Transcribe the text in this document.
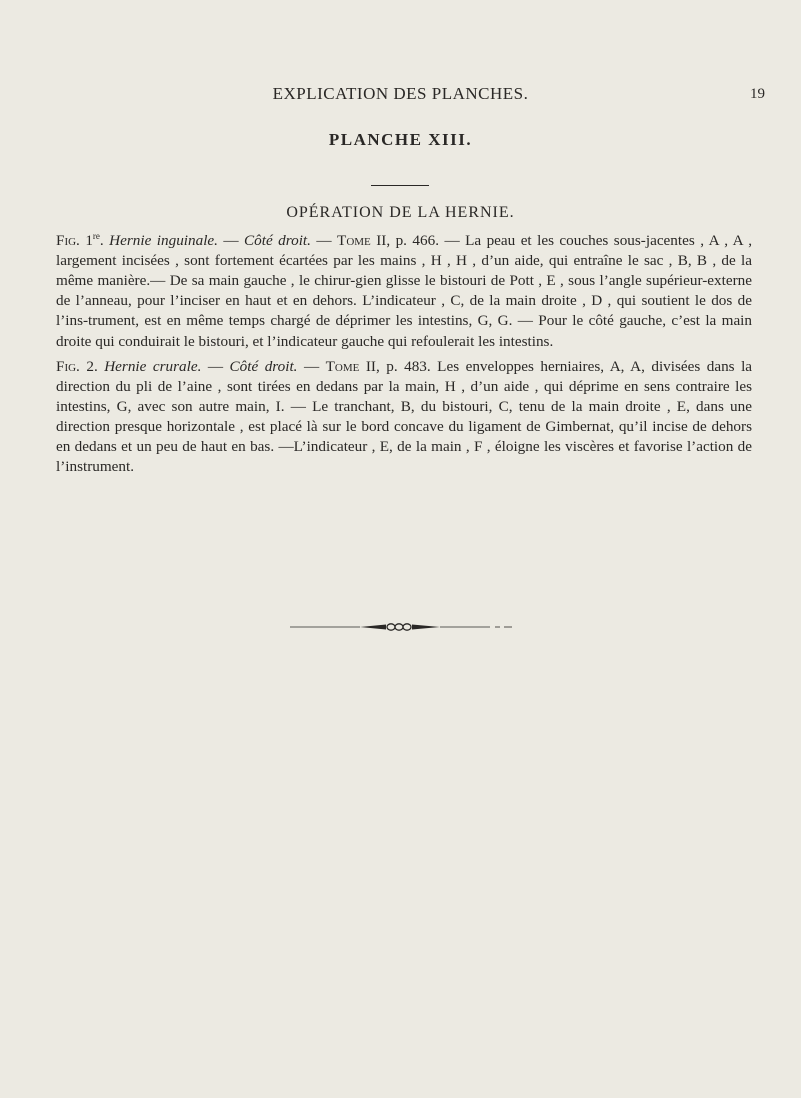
EXPLICATION DES PLANCHES.	19
PLANCHE XIII.
OPÉRATION DE LA HERNIE.

Fig. 1re. Hernie inguinale. — Côté droit. — Tome II, p. 466. — La peau et les couches sous-jacentes , A , A , largement incisées , sont fortement écartées par les mains , H , H , d’un aide, qui entraîne le sac , B, B , de la même manière.— De sa main gauche , le chirur-gien glisse le bistouri de Pott , E , sous l’angle supérieur-externe de l’anneau, pour l’inciser en haut et en dehors. L’indicateur , C, de la main droite , D , qui soutient le dos de l’ins-trument, est en même temps chargé de déprimer les intestins, G, G. — Pour le côté gauche, c’est la main droite qui conduirait le bistouri, et l’indicateur gauche qui refoulerait les intestins.

Fig. 2. Hernie crurale. — Côté droit. — Tome II, p. 483. Les enveloppes herniaires, A, A, divisées dans la direction du pli de l’aine , sont tirées en dedans par la main, H , d’un aide , qui déprime en sens contraire les intestins, G, avec son autre main, I. — Le tranchant, B, du bistouri, C, tenu de la main droite , E, dans une direction presque horizontale , est placé là sur le bord concave du ligament de Gimbernat, qu’il incise de dehors en dedans et un peu de haut en bas. —L’indicateur , E, de la main , F , éloigne les viscères et favorise l’action de l’instrument.
